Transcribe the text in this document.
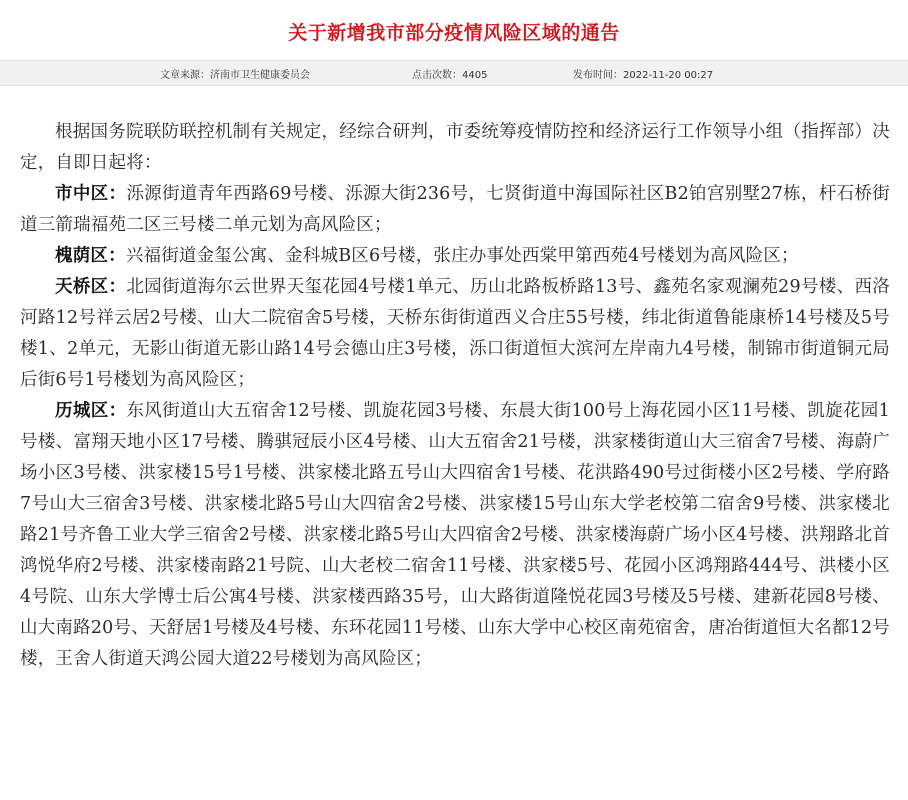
关于新增我市部分疫情风险区域的通告
文章来源：济南市卫生健康委员会	点击次数：4405	发布时间：2022-11-20 00:27

根据国务院联防联控机制有关规定，经综合研判，市委统筹疫情防控和经济运行工作领导小组（指挥部）决定，自即日起将：

市中区：泺源街道青年西路69号楼、泺源大街236号，七贤街道中海国际社区B2铂宫别墅27栋，杆石桥街道三箭瑞福苑二区三号楼二单元划为高风险区；

槐荫区：兴福街道金玺公寓、金科城B区6号楼，张庄办事处西棠甲第西苑4号楼划为高风险区；

天桥区：北园街道海尔云世界天玺花园4号楼1单元、历山北路板桥路13号、鑫苑名家观澜苑29号楼、西洛河路12号祥云居2号楼、山大二院宿舍5号楼，天桥东街街道西义合庄55号楼，纬北街道鲁能康桥14号楼及5号楼1、2单元，无影山街道无影山路14号会德山庄3号楼，泺口街道恒大滨河左岸南九4号楼，制锦市街道铜元局后街6号1号楼划为高风险区；

历城区：东风街道山大五宿舍12号楼、凯旋花园3号楼、东晨大街100号上海花园小区11号楼、凯旋花园1号楼、富翔天地小区17号楼、腾骐冠辰小区4号楼、山大五宿舍21号楼，洪家楼街道山大三宿舍7号楼、海蔚广场小区3号楼、洪家楼15号1号楼、洪家楼北路五号山大四宿舍1号楼、花洪路490号过街楼小区2号楼、学府路7号山大三宿舍3号楼、洪家楼北路5号山大四宿舍2号楼、洪家楼15号山东大学老校第二宿舍9号楼、洪家楼北路21号齐鲁工业大学三宿舍2号楼、洪家楼北路5号山大四宿舍2号楼、洪家楼海蔚广场小区4号楼、洪翔路北首鸿悦华府2号楼、洪家楼南路21号院、山大老校二宿舍11号楼、洪家楼5号、花园小区鸿翔路444号、洪楼小区4号院、山东大学博士后公寓4号楼、洪家楼西路35号，山大路街道隆悦花园3号楼及5号楼、建新花园8号楼、山大南路20号、天舒居1号楼及4号楼、东环花园11号楼、山东大学中心校区南苑宿舍，唐冶街道恒大名都12号楼，王舍人街道天鸿公园大道22号楼划为高风险区；
